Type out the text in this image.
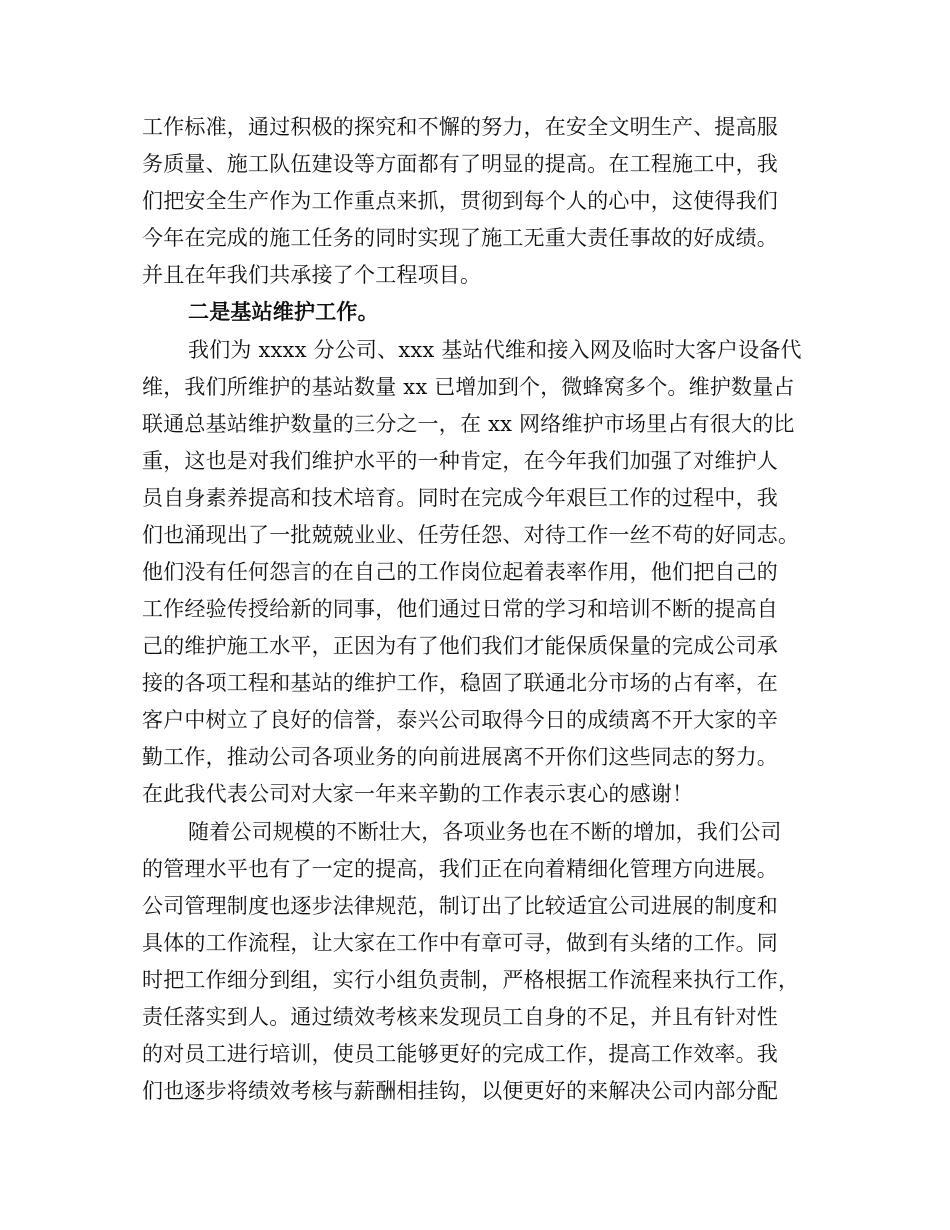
工作标准，通过积极的探究和不懈的努力，在安全文明生产、提高服
务质量、施工队伍建设等方面都有了明显的提高。在工程施工中，我
们把安全生产作为工作重点来抓，贯彻到每个人的心中，这使得我们
今年在完成的施工任务的同时实现了施工无重大责任事故的好成绩。
并且在年我们共承接了个工程项目。
二是基站维护工作。
我们为 xxxx 分公司、xxx 基站代维和接入网及临时大客户设备代
维，我们所维护的基站数量 xx 已增加到个，微蜂窝多个。维护数量占
联通总基站维护数量的三分之一，在 xx 网络维护市场里占有很大的比
重，这也是对我们维护水平的一种肯定，在今年我们加强了对维护人
员自身素养提高和技术培育。同时在完成今年艰巨工作的过程中，我
们也涌现出了一批兢兢业业、任劳任怨、对待工作一丝不苟的好同志。
他们没有任何怨言的在自己的工作岗位起着表率作用，他们把自己的
工作经验传授给新的同事，他们通过日常的学习和培训不断的提高自
己的维护施工水平，正因为有了他们我们才能保质保量的完成公司承
接的各项工程和基站的维护工作，稳固了联通北分市场的占有率，在
客户中树立了良好的信誉，泰兴公司取得今日的成绩离不开大家的辛
勤工作，推动公司各项业务的向前进展离不开你们这些同志的努力。
在此我代表公司对大家一年来辛勤的工作表示衷心的感谢！
随着公司规模的不断壮大，各项业务也在不断的增加，我们公司
的管理水平也有了一定的提高，我们正在向着精细化管理方向进展。
公司管理制度也逐步法律规范，制订出了比较适宜公司进展的制度和
具体的工作流程，让大家在工作中有章可寻，做到有头绪的工作。同
时把工作细分到组，实行小组负责制，严格根据工作流程来执行工作，
责任落实到人。通过绩效考核来发现员工自身的不足，并且有针对性
的对员工进行培训，使员工能够更好的完成工作，提高工作效率。我
们也逐步将绩效考核与薪酬相挂钩，以便更好的来解决公司内部分配
